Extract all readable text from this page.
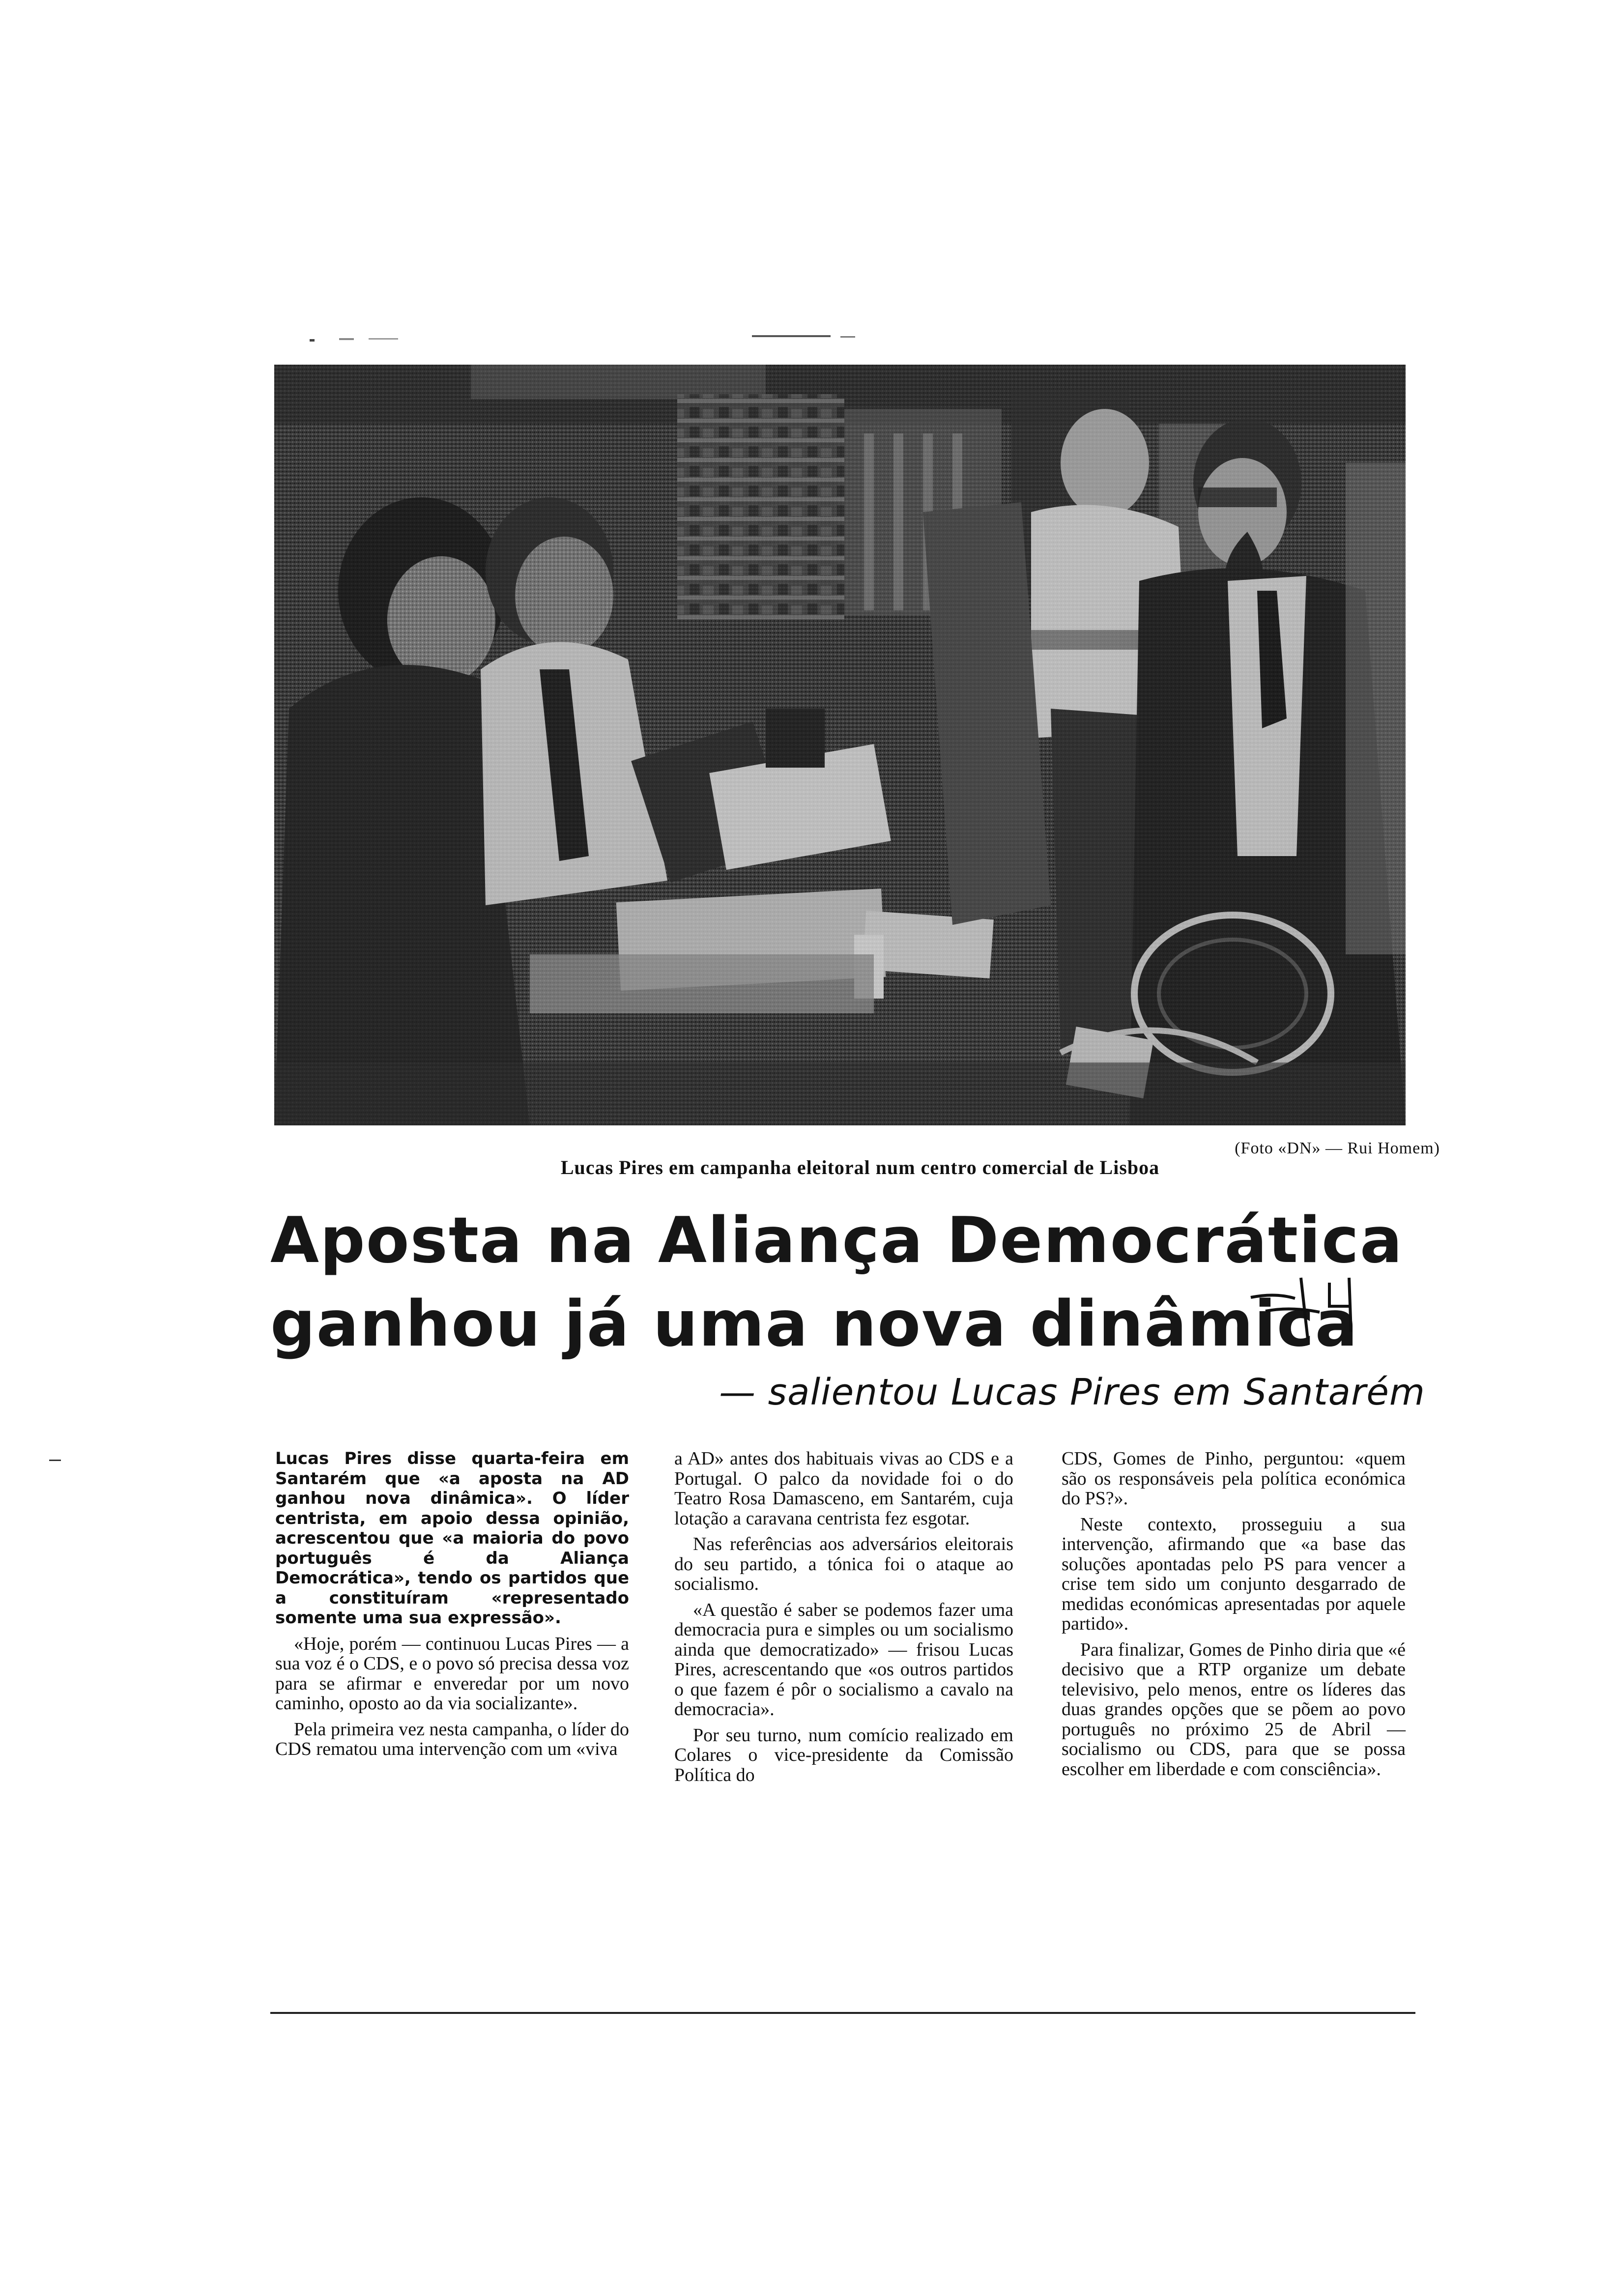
(Foto «DN» — Rui Homem)
Lucas Pires em campanha eleitoral num centro comercial de Lisboa
Aposta na Aliança Democrática
ganhou já uma nova dinâmica
— salientou Lucas Pires em Santarém

Lucas Pires disse quarta-feira em Santarém que «a aposta na AD ganhou nova dinâmica». O líder centrista, em apoio dessa opinião, acrescentou que «a maioria do povo português é da Aliança Democrática», tendo os partidos que a constituíram «representado somente uma sua expressão».

«Hoje, porém — continuou Lucas Pires — a sua voz é o CDS, e o povo só precisa dessa voz para se afirmar e enveredar por um novo caminho, oposto ao da via socializante».

Pela primeira vez nesta campanha, o líder do CDS rematou uma intervenção com um «viva

a AD» antes dos habituais vivas ao CDS e a Portugal. O palco da novidade foi o do Teatro Rosa Damasceno, em Santarém, cuja lotação a caravana centrista fez esgotar.

Nas referências aos adversários eleitorais do seu partido, a tónica foi o ataque ao socialismo.

«A questão é saber se podemos fazer uma democracia pura e simples ou um socialismo ainda que democratizado» — frisou Lucas Pires, acrescentando que «os outros partidos o que fazem é pôr o socialismo a cavalo na democracia».

Por seu turno, num comício realizado em Colares o vice-presidente da Comissão Política do

CDS, Gomes de Pinho, perguntou: «quem são os responsáveis pela política económica do PS?».

Neste contexto, prosseguiu a sua intervenção, afirmando que «a base das soluções apontadas pelo PS para vencer a crise tem sido um conjunto desgarrado de medidas económicas apresentadas por aquele partido».

Para finalizar, Gomes de Pinho diria que «é decisivo que a RTP organize um debate televisivo, pelo menos, entre os líderes das duas grandes opções que se põem ao povo português no próximo 25 de Abril — socialismo ou CDS, para que se possa escolher em liberdade e com consciência».
